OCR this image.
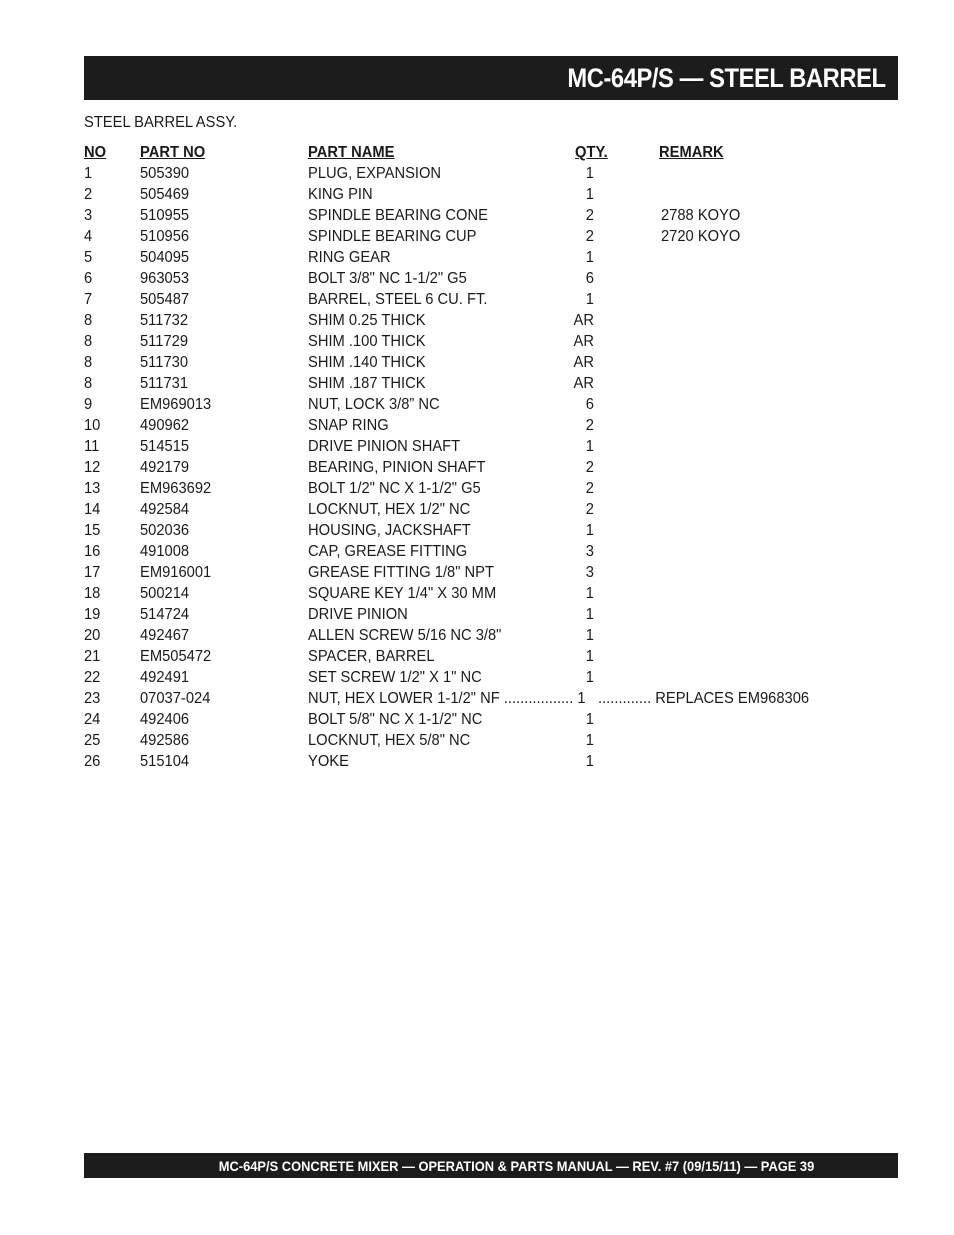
MC-64P/S — STEEL BARREL
STEEL BARREL ASSY.
NO PART NO	PART NAME	QTY.	REMARK
1	505390	PLUG, EXPANSION	1
2	505469	KING PIN	1
3	510955	SPINDLE BEARING CONE	2	2788 KOYO
4	510956	SPINDLE BEARING CUP	2	2720 KOYO
5	504095	RING GEAR	1
6	963053	BOLT 3/8" NC 1-1/2" G5	6
7	505487	BARREL, STEEL 6 CU. FT.	1
8	511732	SHIM 0.25 THICK	AR
8	511729	SHIM .100 THICK	AR
8	511730	SHIM .140 THICK	AR
8	511731	SHIM .187 THICK	AR
9	EM969013	NUT, LOCK 3/8” NC	6
10 490962	SNAP RING	2
11	514515	DRIVE PINION SHAFT	1
12 492179	BEARING, PINION SHAFT	2
13 EM963692	BOLT 1/2" NC X 1-1/2" G5	2
14 492584	LOCKNUT, HEX 1/2" NC	2
15 502036	HOUSING, JACKSHAFT	1
16 491008	CAP, GREASE FITTING	3
17 EM916001	GREASE FITTING 1/8" NPT	3
18 500214	SQUARE KEY 1/4" X 30 MM	1
19 514724	DRIVE PINION	1
20 492467	ALLEN SCREW 5/16 NC 3/8"	1
21 EM505472	SPACER, BARREL	1
22 492491	SET SCREW 1/2" X 1" NC	1
23 07037-024	NUT, HEX LOWER 1-1/2" NF ................. 1 ............. REPLACES EM968306
24 492406	BOLT 5/8" NC X 1-1/2" NC	1
25 492586	LOCKNUT, HEX 5/8" NC	1
26 515104	YOKE	1
MC-64P/S CONCRETE MIXER — OPERATION & PARTS MANUAL — REV. #7 (09/15/11) — PAGE 39
